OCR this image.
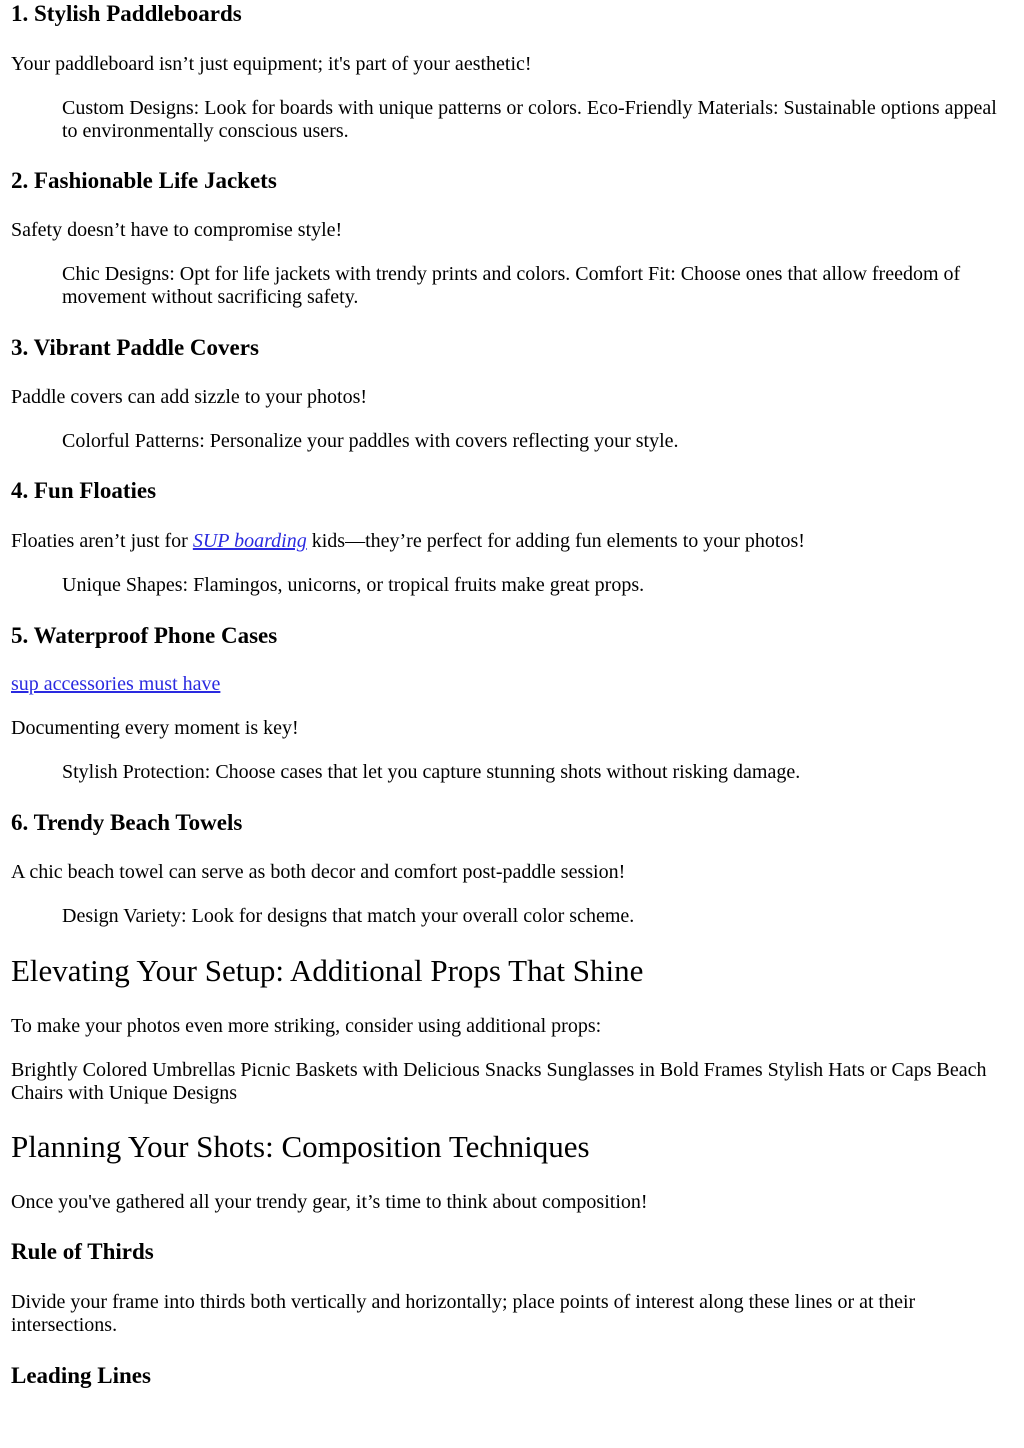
1. Stylish Paddleboards

Your paddleboard isn’t just equipment; it's part of your aesthetic!

Custom Designs: Look for boards with unique patterns or colors. Eco-Friendly Materials: Sustainable options appeal to environmentally conscious users.

2. Fashionable Life Jackets

Safety doesn’t have to compromise style!

Chic Designs: Opt for life jackets with trendy prints and colors. Comfort Fit: Choose ones that allow freedom of movement without sacrificing safety.

3. Vibrant Paddle Covers

Paddle covers can add sizzle to your photos!

Colorful Patterns: Personalize your paddles with covers reflecting your style.

4. Fun Floaties

Floaties aren’t just for SUP boarding kids—they’re perfect for adding fun elements to your photos!

Unique Shapes: Flamingos, unicorns, or tropical fruits make great props.

5. Waterproof Phone Cases

sup accessories must have

Documenting every moment is key!

Stylish Protection: Choose cases that let you capture stunning shots without risking damage.

6. Trendy Beach Towels

A chic beach towel can serve as both decor and comfort post-paddle session!

Design Variety: Look for designs that match your overall color scheme.

Elevating Your Setup: Additional Props That Shine

To make your photos even more striking, consider using additional props:

Brightly Colored Umbrellas Picnic Baskets with Delicious Snacks Sunglasses in Bold Frames Stylish Hats or Caps Beach Chairs with Unique Designs

Planning Your Shots: Composition Techniques

Once you've gathered all your trendy gear, it’s time to think about composition!

Rule of Thirds

Divide your frame into thirds both vertically and horizontally; place points of interest along these lines or at their intersections.

Leading Lines
